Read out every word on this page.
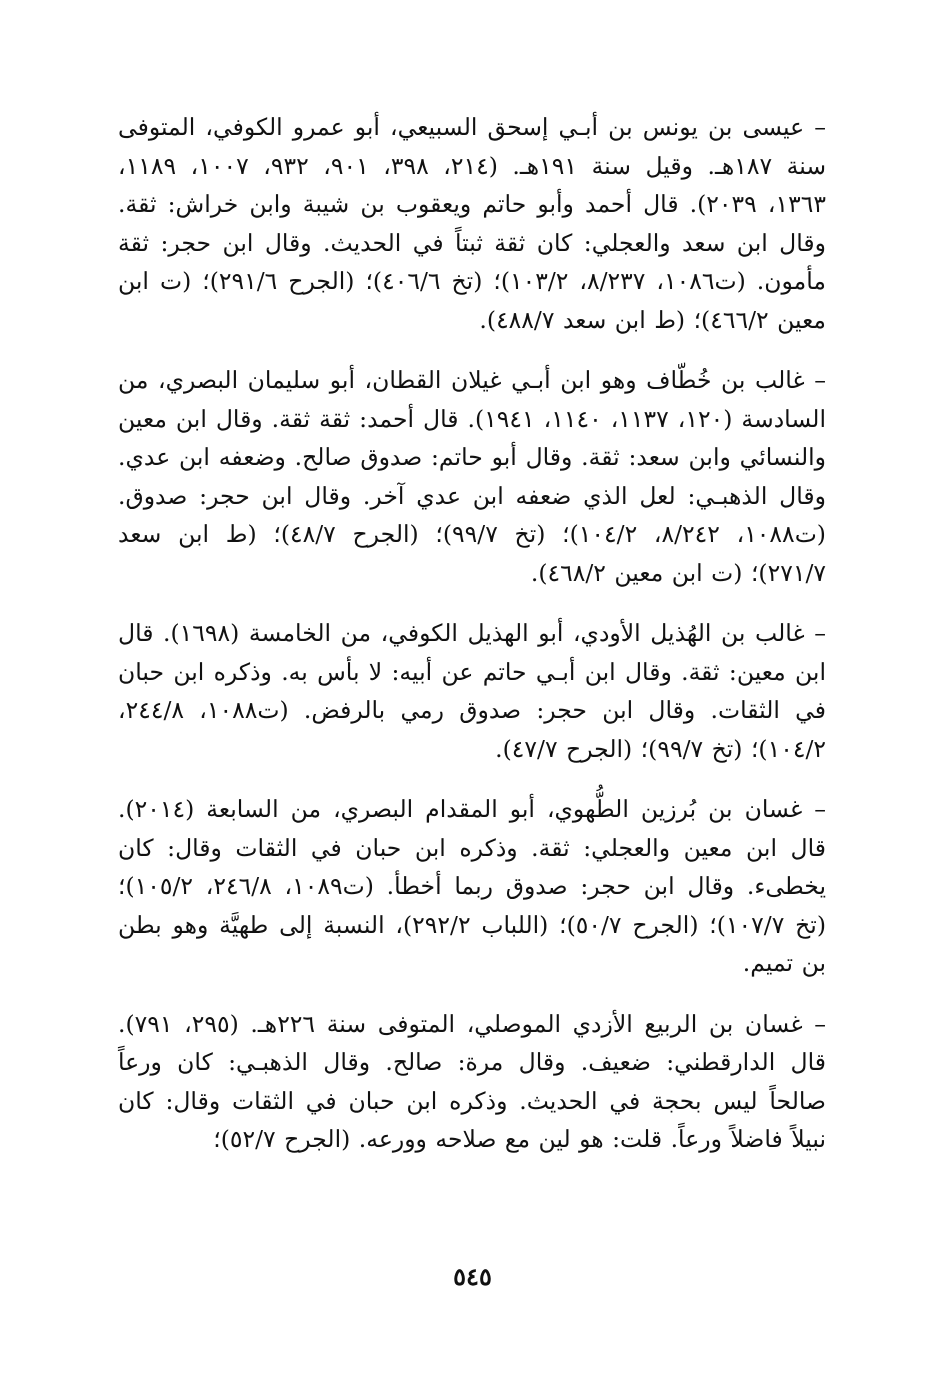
– عيسى بن يونس بن أبـي إسحق السبيعي، أبو عمرو الكوفي، المتوفى سنة ١٨٧هـ. وقيل سنة ١٩١هـ. (٢١٤، ٣٩٨، ٩٠١، ٩٣٢، ١٠٠٧، ١١٨٩، ١٣٦٣، ٢٠٣٩). قال أحمد وأبو حاتم ويعقوب بن شيبة وابن خراش: ثقة. وقال ابن سعد والعجلي: كان ثقة ثبتاً في الحديث. وقال ابن حجر: ثقة مأمون. (ت١٠٨٦، ٨/٢٣٧، ١٠٣/٢)؛ (تخ ٤٠٦/٦)؛ (الجرح ٢٩١/٦)؛ (ت ابن معين ٤٦٦/٢)؛ (ط ابن سعد ٤٨٨/٧).

– غالب بن خُطّاف وهو ابن أبـي غيلان القطان، أبو سليمان البصري، من السادسة (١٢٠، ١١٣٧، ١١٤٠، ١٩٤١). قال أحمد: ثقة ثقة. وقال ابن معين والنسائي وابن سعد: ثقة. وقال أبو حاتم: صدوق صالح. وضعفه ابن عدي. وقال الذهبـي: لعل الذي ضعفه ابن عدي آخر. وقال ابن حجر: صدوق. (ت١٠٨٨، ٨/٢٤٢، ١٠٤/٢)؛ (تخ ٩٩/٧)؛ (الجرح ٤٨/٧)؛ (ط ابن سعد ٢٧١/٧)؛ (ت ابن معين ٤٦٨/٢).

– غالب بن الهُذيل الأودي، أبو الهذيل الكوفي، من الخامسة (١٦٩٨). قال ابن معين: ثقة. وقال ابن أبـي حاتم عن أبيه: لا بأس به. وذكره ابن حبان في الثقات. وقال ابن حجر: صدوق رمي بالرفض. (ت١٠٨٨، ٢٤٤/٨، ١٠٤/٢)؛ (تخ ٩٩/٧)؛ (الجرح ٤٧/٧).

– غسان بن بُرزين الطُّهوي، أبو المقدام البصري، من السابعة (٢٠١٤). قال ابن معين والعجلي: ثقة. وذكره ابن حبان في الثقات وقال: كان يخطىء. وقال ابن حجر: صدوق ربما أخطأ. (ت١٠٨٩، ٢٤٦/٨، ١٠٥/٢)؛ (تخ ١٠٧/٧)؛ (الجرح ٥٠/٧)؛ (اللباب ٢٩٢/٢)، النسبة إلى طهيَّة وهو بطن بن تميم.

– غسان بن الربيع الأزدي الموصلي، المتوفى سنة ٢٢٦هـ. (٢٩٥، ٧٩١). قال الدارقطني: ضعيف. وقال مرة: صالح. وقال الذهبـي: كان ورعاً صالحاً ليس بحجة في الحديث. وذكره ابن حبان في الثقات وقال: كان نبيلاً فاضلاً ورعاً. قلت: هو لين مع صلاحه وورعه. (الجرح ٥٢/٧)؛

٥٤٥
